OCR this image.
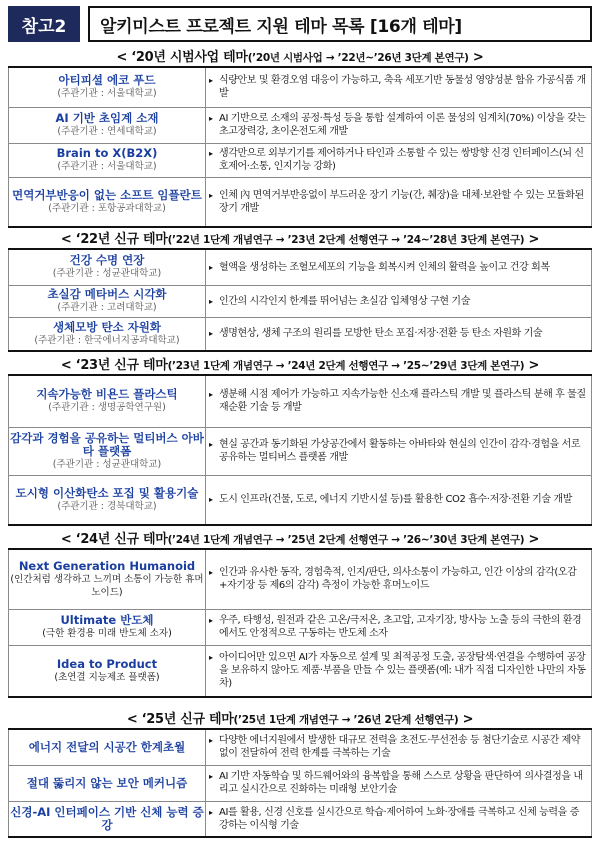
참고2	알키미스트 프로젝트 지원 테마 목록 [16개 테마]
< ‘20년 시범사업 테마(’20년 시범사업 → ’22년~’26년 3단계 본연구) >
아티피셜 에코 푸드
(주관기관 : 서울대학교)	▸ 식량안보 및 환경오염 대응이 가능하고, 축육 세포기반 동물성 영양성분 함유 가공식품 개발

AI 기반 초임계 소재
(주관기관 : 연세대학교)	▸ AI 기반으로 소재의 공정·특성 등을 통합 설계하여 이론 물성의 임계치(70%) 이상을 갖는 초고장력강, 초이온전도체 개발

Brain to X(B2X)
(주관기관 : 서울대학교)	▸ 생각만으로 외부기기를 제어하거나 타인과 소통할 수 있는 쌍방향 신경 인터페이스(뇌 신호제어·소통, 인지기능 강화)

면역거부반응이 없는 소프트 임플란트
(주관기관 : 포항공과대학교)	▸ 인체 內 면역거부반응없이 부드러운 장기 기능(간, 췌장)을 대체·보완할 수 있는 모듈화된 장기 개발
< ‘22년 신규 테마(’22년 1단계 개념연구 → ’23년 2단계 선행연구 → ’24~’28년 3단계 본연구) >
건강 수명 연장
(주관기관 : 성균관대학교)	▸ 혈액을 생성하는 조혈모세포의 기능을 회복시켜 인체의 활력을 높이고 건강 회복

초실감 메타버스 시각화
(주관기관 : 고려대학교)	▸ 인간의 시각인지 한계를 뛰어넘는 초실감 입체영상 구현 기술

생체모방 탄소 자원화
(주관기관 : 한국에너지공과대학교)	▸ 생명현상, 생체 구조의 원리를 모방한 탄소 포집·저장·전환 등 탄소 자원화 기술
< ‘23년 신규 테마(’23년 1단계 개념연구 → ’24년 2단계 선행연구 → ’25~’29년 3단계 본연구) >
지속가능한 비욘드 플라스틱
(주관기관 : 생명공학연구원)	▸ 생분해 시점 제어가 가능하고 지속가능한 신소재 플라스틱 개발 및 플라스틱 분해 후 물질 재순환 기술 등 개발

감각과 경험을 공유하는 멀티버스 아바타 플랫폼
(주관기관 : 성균관대학교)	▸ 현실 공간과 동기화된 가상공간에서 활동하는 아바타와 현실의 인간이 감각·경험을 서로 공유하는 멀티버스 플랫폼 개발

도시형 이산화탄소 포집 및 활용기술
(주관기관 : 경북대학교)	▸ 도시 인프라(건물, 도로, 에너지 기반시설 등)를 활용한 CO2 흡수·저장·전환 기술 개발
< ‘24년 신규 테마(’24년 1단계 개념연구 → ’25년 2단계 선행연구 → ’26~’30년 3단계 본연구) >
Next Generation Humanoid
(인간처럼 생각하고 느끼며 소통이 가능한 휴머노이드)	▸ 인간과 유사한 동작, 경험축적, 인지/판단, 의사소통이 가능하고, 인간 이상의 감각(오감+자기장 등 제6의 감각) 측정이 가능한 휴머노이드

Ultimate 반도체
(극한 환경용 미래 반도체 소자)	▸ 우주, 타행성, 원전과 같은 고온/극저온, 초고압, 고자기장, 방사능 노출 등의 극한의 환경에서도 안정적으로 구동하는 반도체 소자

Idea to Product
(초연결 지능제조 플랫폼)	▸ 아이디어만 있으면 AI가 자동으로 설계 및 최적공정 도출, 공장탐색·연결을 수행하여 공장을 보유하지 않아도 제품·부품을 만들 수 있는 플랫폼(예: 내가 직접 디자인한 나만의 자동차)
< ‘25년 신규 테마(’25년 1단계 개념연구 → ’26년 2단계 선행연구) >
에너지 전달의 시공간 한계초월	▸ 다양한 에너지원에서 발생한 대규모 전력을 초전도·무선전송 등 첨단기술로 시공간 제약없이 전달하여 전력 한계를 극복하는 기술

절대 뚫리지 않는 보안 메커니즘	▸ AI 기반 자동학습 및 하드웨어와의 융복합을 통해 스스로 상황을 판단하여 의사결정을 내리고 실시간으로 진화하는 미래형 보안기술

신경-AI 인터페이스 기반 신체 능력 증강	▸ AI를 활용, 신경 신호를 실시간으로 학습·제어하여 노화·장애를 극복하고 신체 능력을 증강하는 이식형 기술
